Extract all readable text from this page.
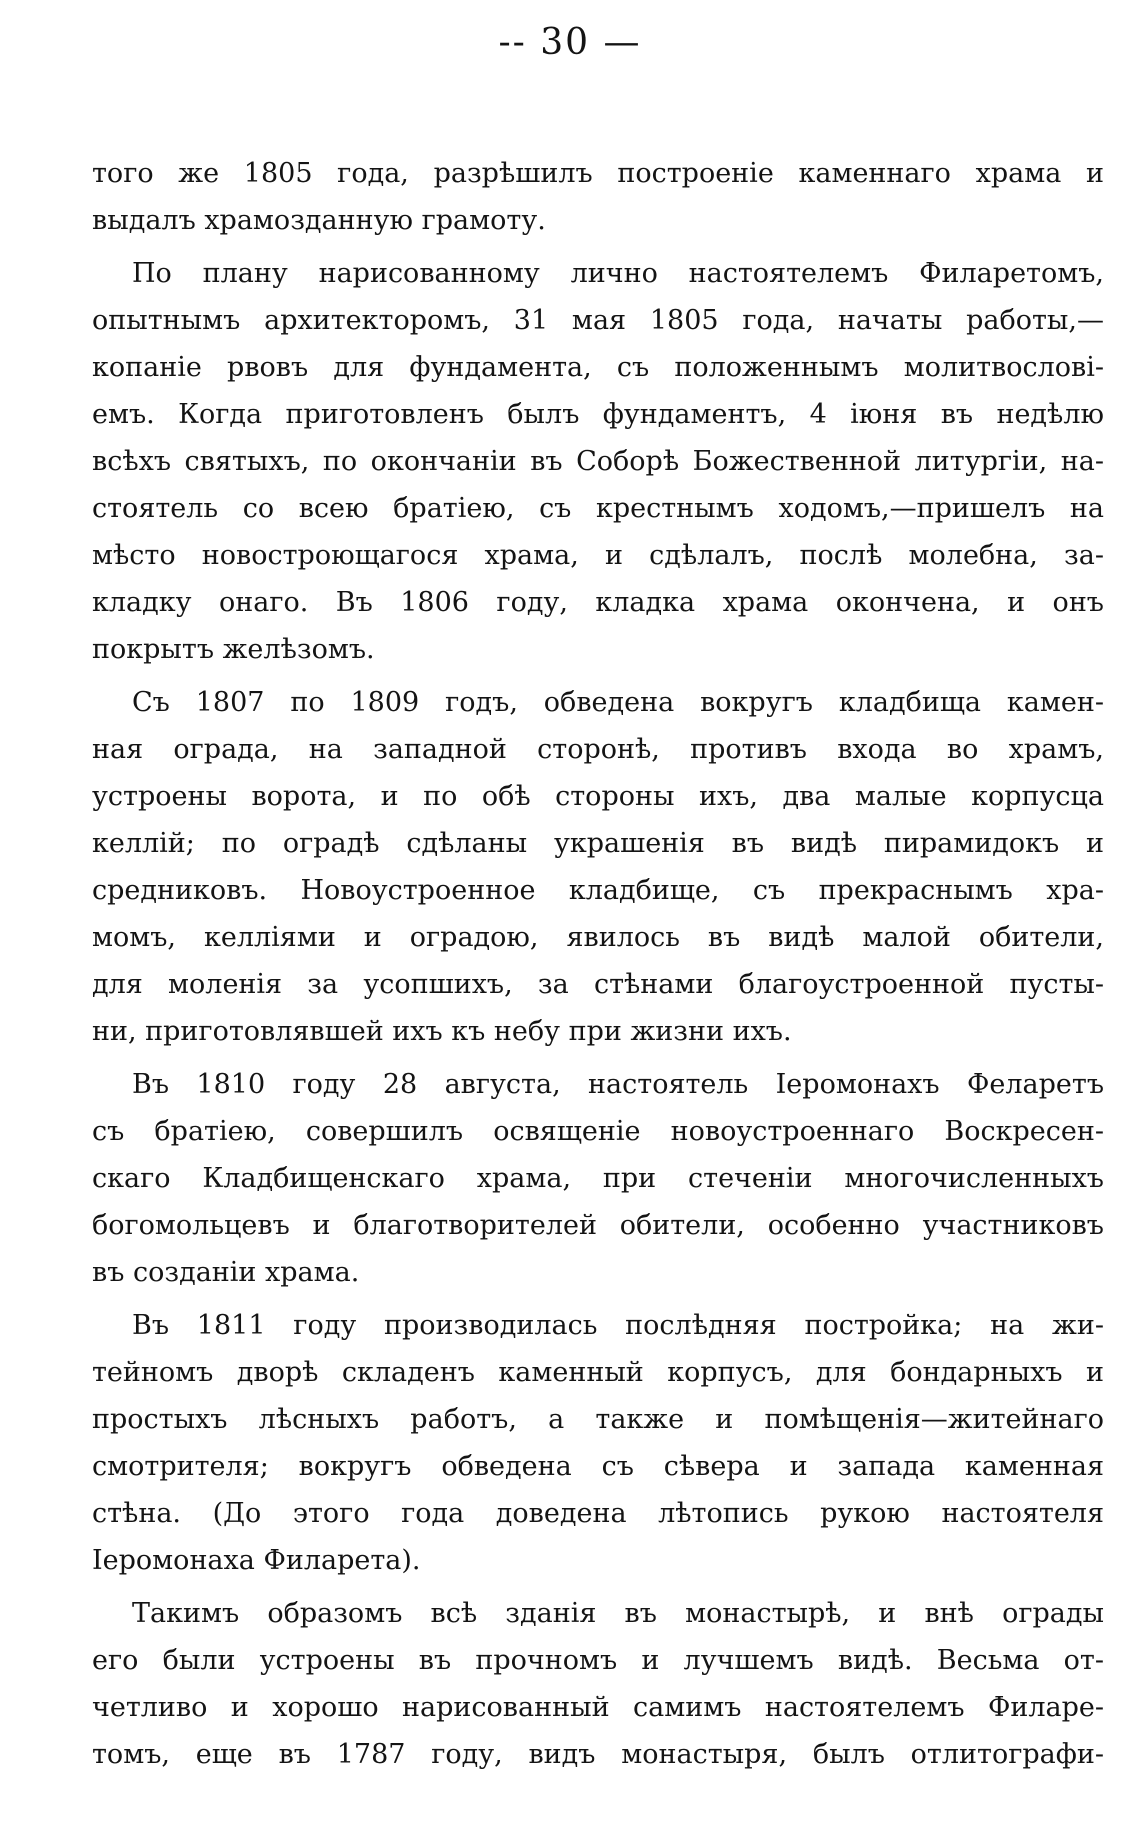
-- 30 —
того же 1805 года, разрѣшилъ построеніе каменнаго храма и
выдалъ храмозданную грамоту.
По плану нарисованному лично настоятелемъ Филаретомъ,
опытнымъ архитекторомъ, 31 мая 1805 года, начаты работы,—
копаніе рвовъ для фундамента, съ положеннымъ молитвослові-
емъ. Когда приготовленъ былъ фундаментъ, 4 іюня въ недѣлю
всѣхъ святыхъ, по окончаніи въ Соборѣ Божественной литургіи, на-
стоятель со всею братіею, съ крестнымъ ходомъ,—пришелъ на
мѣсто новостроющагося храма, и сдѣлалъ, послѣ молебна, за-
кладку онаго. Въ 1806 году, кладка храма окончена, и онъ
покрытъ желѣзомъ.
Съ 1807 по 1809 годъ, обведена вокругъ кладбища камен-
ная ограда, на западной сторонѣ, противъ входа во храмъ,
устроены ворота, и по обѣ стороны ихъ, два малые корпусца
келлій; по оградѣ сдѣланы украшенія въ видѣ пирамидокъ и
средниковъ. Новоустроенное кладбище, съ прекраснымъ хра-
момъ, келліями и оградою, явилось въ видѣ малой обители,
для моленія за усопшихъ, за стѣнами благоустроенной пусты-
ни, приготовлявшей ихъ къ небу при жизни ихъ.
Въ 1810 году 28 августа, настоятель Іеромонахъ Феларетъ
съ братіею, совершилъ освященіе новоустроеннаго Воскресен-
скаго Кладбищенскаго храма, при стеченіи многочисленныхъ
богомольцевъ и благотворителей обители, особенно участниковъ
въ созданіи храма.
Въ 1811 году производилась послѣдняя постройка; на жи-
тейномъ дворѣ складенъ каменный корпусъ, для бондарныхъ и
простыхъ лѣсныхъ работъ, а также и помѣщенія—житейнаго
смотрителя; вокругъ обведена съ сѣвера и запада каменная
стѣна. (До этого года доведена лѣтопись рукою настоятеля
Іеромонаха Филарета).
Такимъ образомъ всѣ зданія въ монастырѣ, и внѣ ограды
его были устроены въ прочномъ и лучшемъ видѣ. Весьма от-
четливо и хорошо нарисованный самимъ настоятелемъ Филаре-
томъ, еще въ 1787 году, видъ монастыря, былъ отлитографи-
